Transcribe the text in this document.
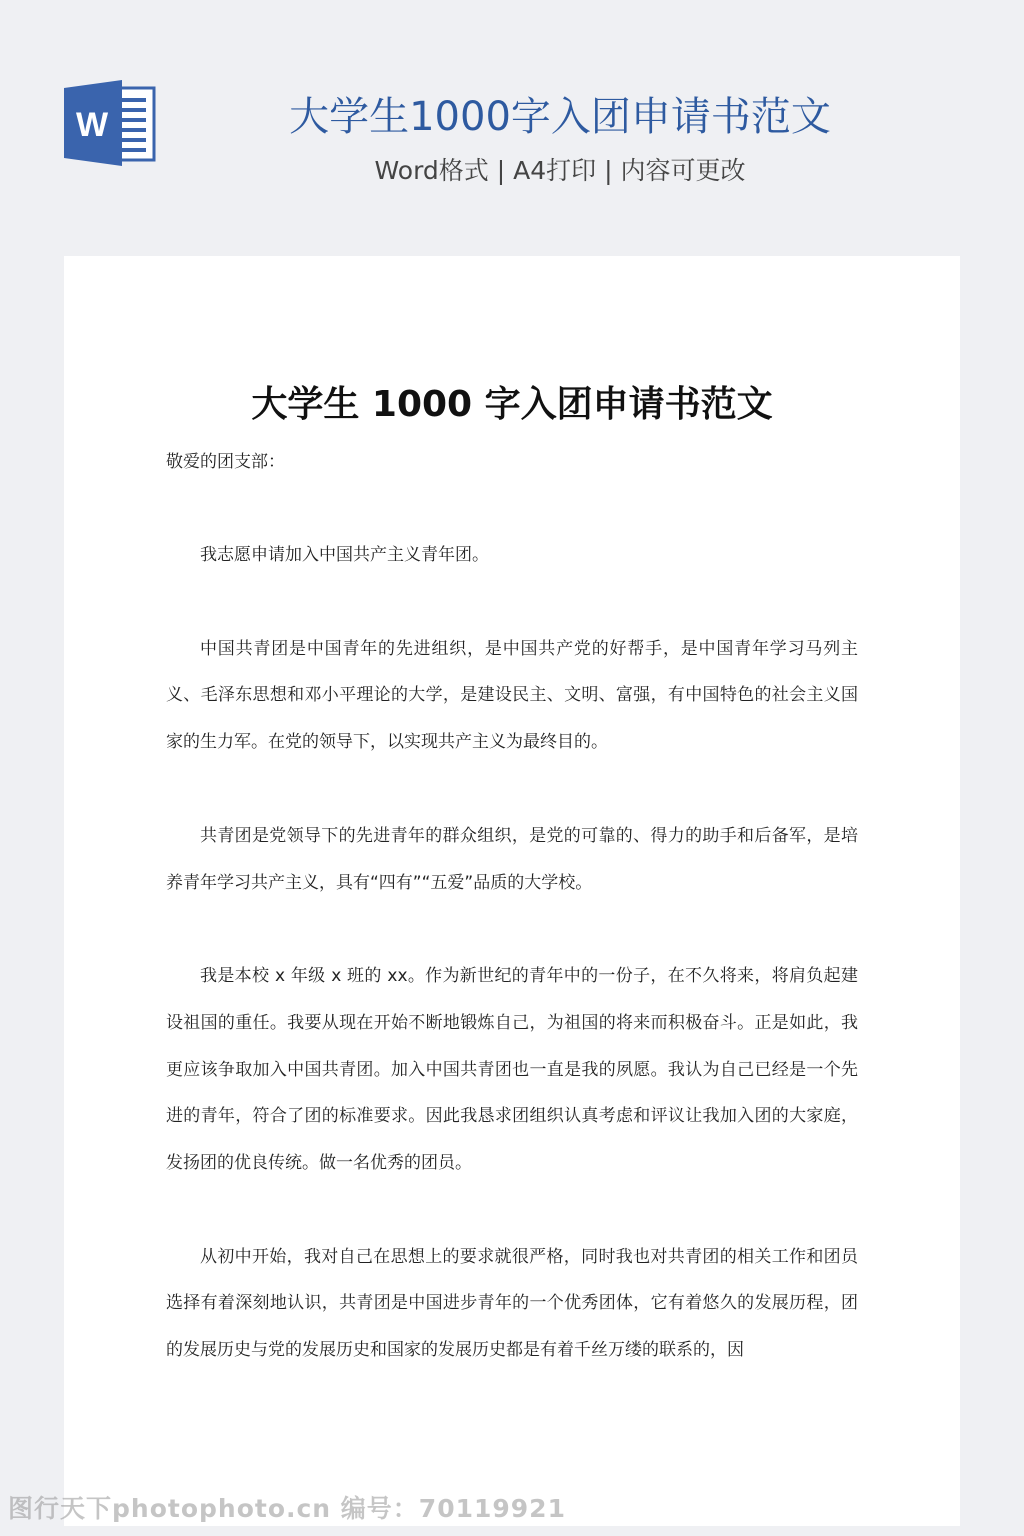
W	大学生1000字入团申请书范文
Word格式 | A4打印 | 内容可更改
大学生 1000 字入团申请书范文
敬爱的团支部：

我志愿申请加入中国共产主义青年团。

中国共青团是中国青年的先进组织，是中国共产党的好帮手，是中国青年学习马列主义、毛泽东思想和邓小平理论的大学，是建设民主、文明、富强，有中国特色的社会主义国家的生力军。在党的领导下，以实现共产主义为最终目的。

共青团是党领导下的先进青年的群众组织，是党的可靠的、得力的助手和后备军，是培养青年学习共产主义，具有“四有”“五爱”品质的大学校。

我是本校 x 年级 x 班的 xx。作为新世纪的青年中的一份子，在不久将来，将肩负起建设祖国的重任。我要从现在开始不断地锻炼自己，为祖国的将来而积极奋斗。正是如此，我更应该争取加入中国共青团。加入中国共青团也一直是我的夙愿。我认为自己已经是一个先进的青年，符合了团的标准要求。因此我恳求团组织认真考虑和评议让我加入团的大家庭，发扬团的优良传统。做一名优秀的团员。

从初中开始，我对自己在思想上的要求就很严格，同时我也对共青团的相关工作和团员选择有着深刻地认识，共青团是中国进步青年的一个优秀团体，它有着悠久的发展历程，团的发展历史与党的发展历史和国家的发展历史都是有着千丝万缕的联系的，因

图行天下photophoto.cn 编号：70119921
